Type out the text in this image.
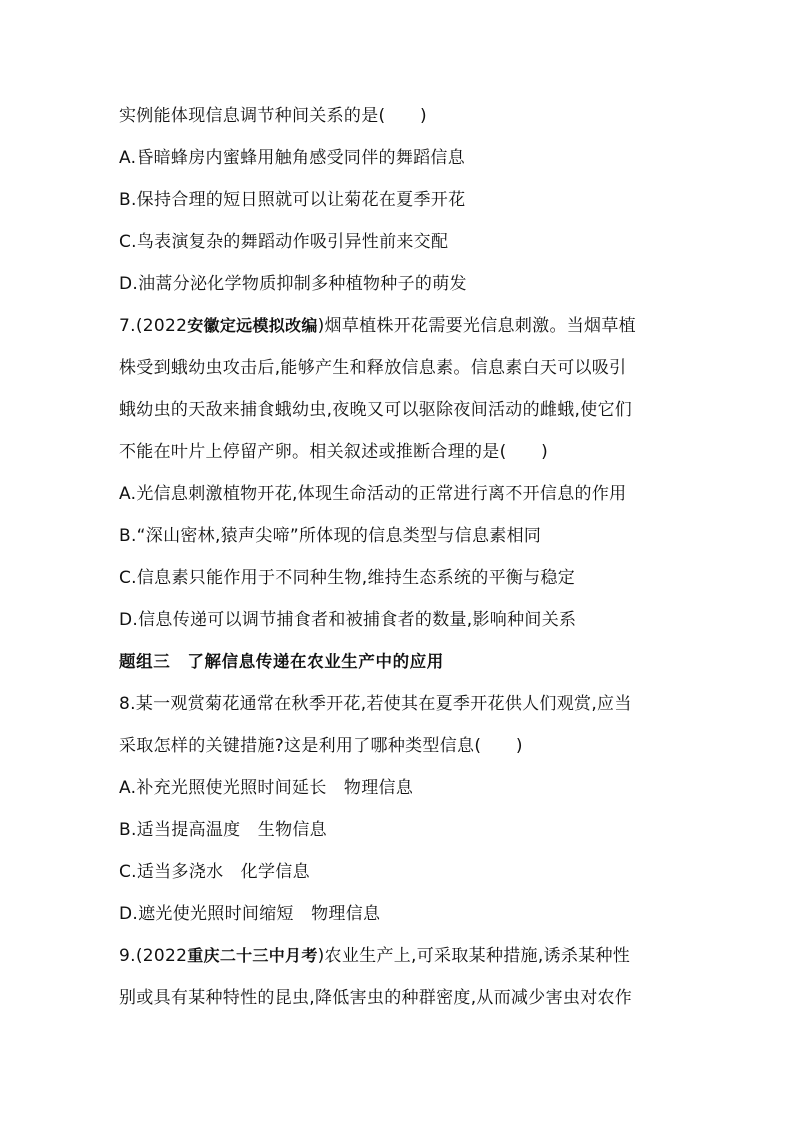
实例能体现信息调节种间关系的是(　　)
A.昏暗蜂房内蜜蜂用触角感受同伴的舞蹈信息
B.保持合理的短日照就可以让菊花在夏季开花
C.鸟表演复杂的舞蹈动作吸引异性前来交配
D.油蒿分泌化学物质抑制多种植物种子的萌发
7.(2022安徽定远模拟改编)烟草植株开花需要光信息刺激。当烟草植
株受到蛾幼虫攻击后,能够产生和释放信息素。信息素白天可以吸引
蛾幼虫的天敌来捕食蛾幼虫,夜晚又可以驱除夜间活动的雌蛾,使它们
不能在叶片上停留产卵。相关叙述或推断合理的是(　　)
A.光信息刺激植物开花,体现生命活动的正常进行离不开信息的作用
B.“深山密林,猿声尖啼”所体现的信息类型与信息素相同
C.信息素只能作用于不同种生物,维持生态系统的平衡与稳定
D.信息传递可以调节捕食者和被捕食者的数量,影响种间关系
题组三　了解信息传递在农业生产中的应用
8.某一观赏菊花通常在秋季开花,若使其在夏季开花供人们观赏,应当
采取怎样的关键措施?这是利用了哪种类型信息(　　)
A.补充光照使光照时间延长　物理信息
B.适当提高温度　生物信息
C.适当多浇水　化学信息
D.遮光使光照时间缩短　物理信息
9.(2022重庆二十三中月考)农业生产上,可采取某种措施,诱杀某种性
别或具有某种特性的昆虫,降低害虫的种群密度,从而减少害虫对农作
